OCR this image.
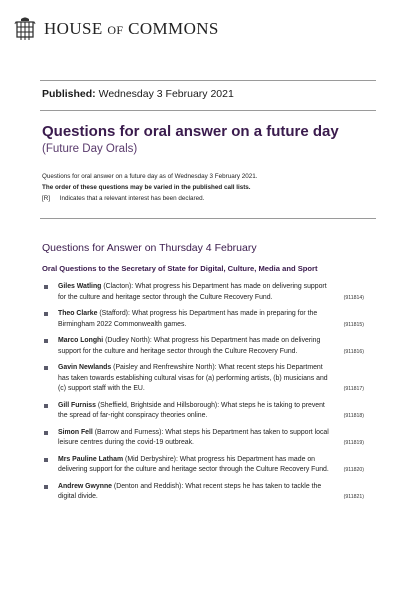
HOUSE OF COMMONS
Published: Wednesday 3 February 2021
Questions for oral answer on a future day
(Future Day Orals)
Questions for oral answer on a future day as of Wednesday 3 February 2021.
The order of these questions may be varied in the published call lists.
[R] Indicates that a relevant interest has been declared.
Questions for Answer on Thursday 4 February
Oral Questions to the Secretary of State for Digital, Culture, Media and Sport
Giles Watling (Clacton): What progress his Department has made on delivering support for the culture and heritage sector through the Culture Recovery Fund.	(911814)
Theo Clarke (Stafford): What progress his Department has made in preparing for the Birmingham 2022 Commonwealth games.	(911815)
Marco Longhi (Dudley North): What progress his Department has made on delivering support for the culture and heritage sector through the Culture Recovery Fund.	(911816)
Gavin Newlands (Paisley and Renfrewshire North): What recent steps his Department has taken towards establishing cultural visas for (a) performing artists, (b) musicians and (c) support staff with the EU.	(911817)
Gill Furniss (Sheffield, Brightside and Hillsborough): What steps he is taking to prevent the spread of far-right conspiracy theories online.	(911818)
Simon Fell (Barrow and Furness): What steps his Department has taken to support local leisure centres during the covid-19 outbreak.	(911819)
Mrs Pauline Latham (Mid Derbyshire): What progress his Department has made on delivering support for the culture and heritage sector through the Culture Recovery Fund.	(911820)
Andrew Gwynne (Denton and Reddish): What recent steps he has taken to tackle the digital divide.	(911821)
